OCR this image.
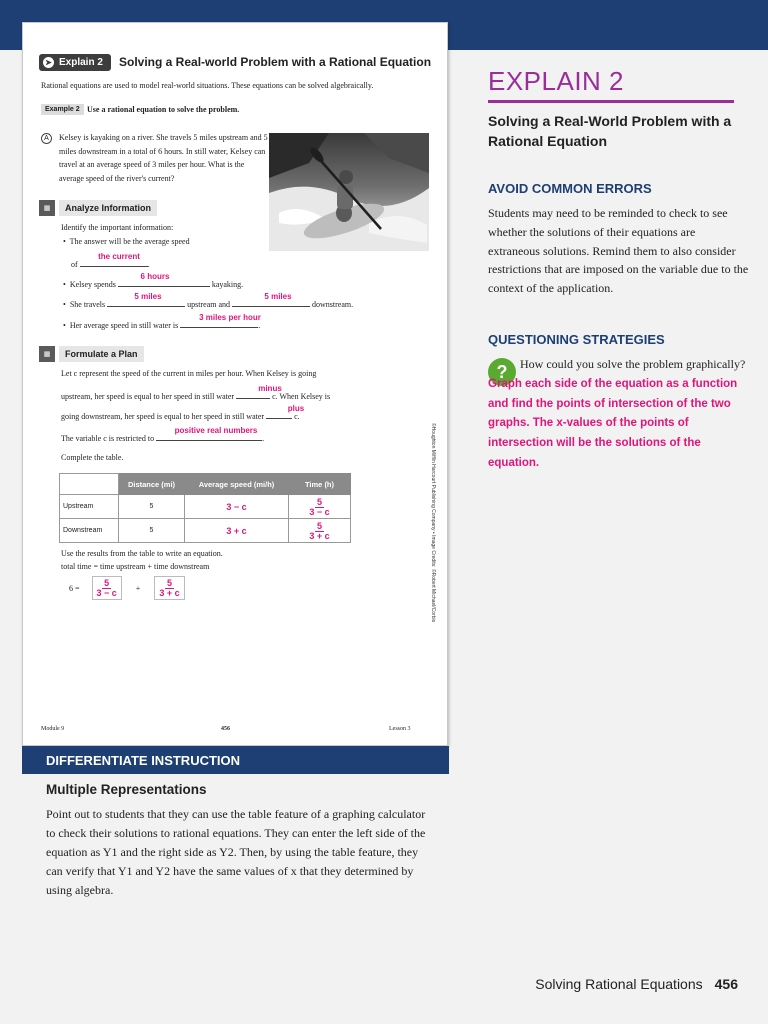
➤ Explain 2 Solving a Real-world Problem with a Rational Equation
Rational equations are used to model real-world situations. These equations can be solved algebraically.
Example 2 Use a rational equation to solve the problem.
A	Kelsey is kayaking on a river. She travels 5 miles upstream and 5 miles downstream in a total of 6 hours. In still water, Kelsey can travel at an average speed of 3 miles per hour. What is the average speed of the river's current?
▦	Analyze Information
Identify the important information:
•  The answer will be the average speed
of	.
the current
•  Kelsey spends	kayaking.
6 hours
•  She travels	upstream and	downstream.
5 miles	5 miles
•  Her average speed in still water is	.
3 miles per hour
▦	Formulate a Plan
Let c represent the speed of the current in miles per hour. When Kelsey is going
upstream, her speed is equal to her speed in still water	c. When Kelsey is
minus
going downstream, her speed is equal to her speed in still water	c.
plus
The variable c is restricted to	.
positive real numbers
Complete the table.
	Distance (mi)	Average speed (mi/h)	Time (h)
Upstream	5	3 − c	$\frac{5}{3 - c}$

Downstream	5	3 + c	$\frac{5}{3 + c}$
Use the results from the table to write an equation.
total time = time upstream + time downstream
$6 = \frac{5}{3 - c} + \frac{5}{3 + c}$	©Houghton Mifflin Harcourt Publishing Company • Image Credits: ©Robert Michael/Corbis
Module 9	456	Lesson 3
EXPLAIN 2
Solving a Real-World Problem with a Rational Equation
AVOID COMMON ERRORS
Students may need to be reminded to check to see whether the solutions of their equations are extraneous solutions. Remind them to also consider restrictions that are imposed on the variable due to the context of the application.
QUESTIONING STRATEGIES
?	How could you solve the problem graphically? Graph each side of the equation as a function and find the points of intersection of the two graphs. The x-values of the points of intersection will be the solutions of the equation.
DIFFERENTIATE INSTRUCTION
Multiple Representations
Point out to students that they can use the table feature of a graphing calculator to check their solutions to rational equations. They can enter the left side of the equation as Y1 and the right side as Y2. Then, by using the table feature, they can verify that Y1 and Y2 have the same values of x that they determined by using algebra.
Solving Rational Equations 456
